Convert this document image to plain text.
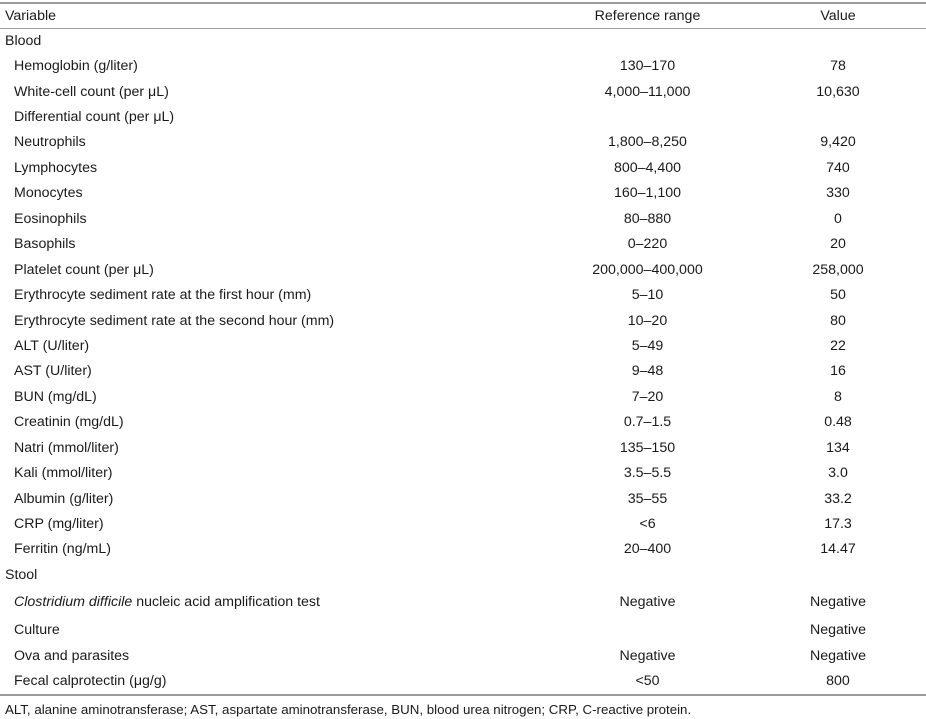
Variable	Reference range	Value
Blood		
Hemoglobin (g/liter)	130–170	78
White-cell count (per μL)	4,000–11,000	10,630
Differential count (per μL)		
Neutrophils	1,800–8,250	9,420
Lymphocytes	800–4,400	740
Monocytes	160–1,100	330
Eosinophils	80–880	0
Basophils	0–220	20
Platelet count (per μL)	200,000–400,000	258,000
Erythrocyte sediment rate at the first hour (mm)	5–10	50
Erythrocyte sediment rate at the second hour (mm)	10–20	80
ALT (U/liter)	5–49	22
AST (U/liter)	9–48	16
BUN (mg/dL)	7–20	8
Creatinin (mg/dL)	0.7–1.5	0.48
Natri (mmol/liter)	135–150	134
Kali (mmol/liter)	3.5–5.5	3.0
Albumin (g/liter)	35–55	33.2
CRP (mg/liter)	<6	17.3
Ferritin (ng/mL)	20–400	14.47
Stool		
Clostridium difficile nucleic acid amplification test	Negative	Negative
Culture		Negative
Ova and parasites	Negative	Negative
Fecal calprotectin (μg/g)	<50	800
ALT, alanine aminotransferase; AST, aspartate aminotransferase, BUN, blood urea nitrogen; CRP, C-reactive protein.
